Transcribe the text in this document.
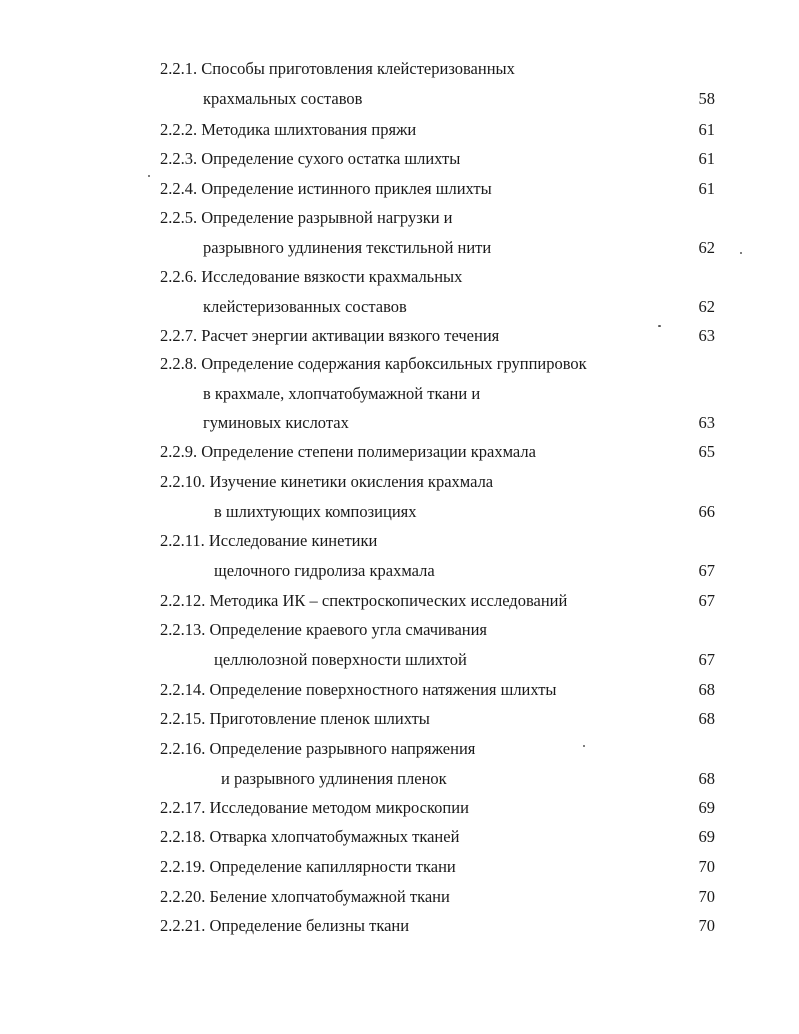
2.2.1. Способы приготовления клейстеризованных
крахмальных составов	58
2.2.2. Методика шлихтования пряжи	61
2.2.3. Определение сухого остатка шлихты	61
2.2.4. Определение истинного приклея шлихты	61
2.2.5. Определение разрывной нагрузки и
разрывного удлинения текстильной нити	62
2.2.6. Исследование вязкости крахмальных
клейстеризованных составов	62
2.2.7. Расчет энергии активации вязкого течения	63
2.2.8. Определение содержания карбоксильных группировок
в крахмале, хлопчатобумажной ткани и
гуминовых кислотах	63
2.2.9. Определение степени полимеризации крахмала	65
2.2.10. Изучение кинетики окисления крахмала
в шлихтующих композициях	66
2.2.11. Исследование кинетики
щелочного гидролиза крахмала	67
2.2.12. Методика ИК – спектроскопических исследований	67
2.2.13. Определение краевого угла смачивания
целлюлозной поверхности шлихтой	67
2.2.14. Определение поверхностного натяжения шлихты	68
2.2.15. Приготовление пленок шлихты	68
2.2.16. Определение разрывного напряжения
и разрывного удлинения пленок	68
2.2.17. Исследование методом микроскопии	69
2.2.18. Отварка хлопчатобумажных тканей	69
2.2.19. Определение капиллярности ткани	70
2.2.20. Беление хлопчатобумажной ткани	70
2.2.21. Определение белизны ткани	70
